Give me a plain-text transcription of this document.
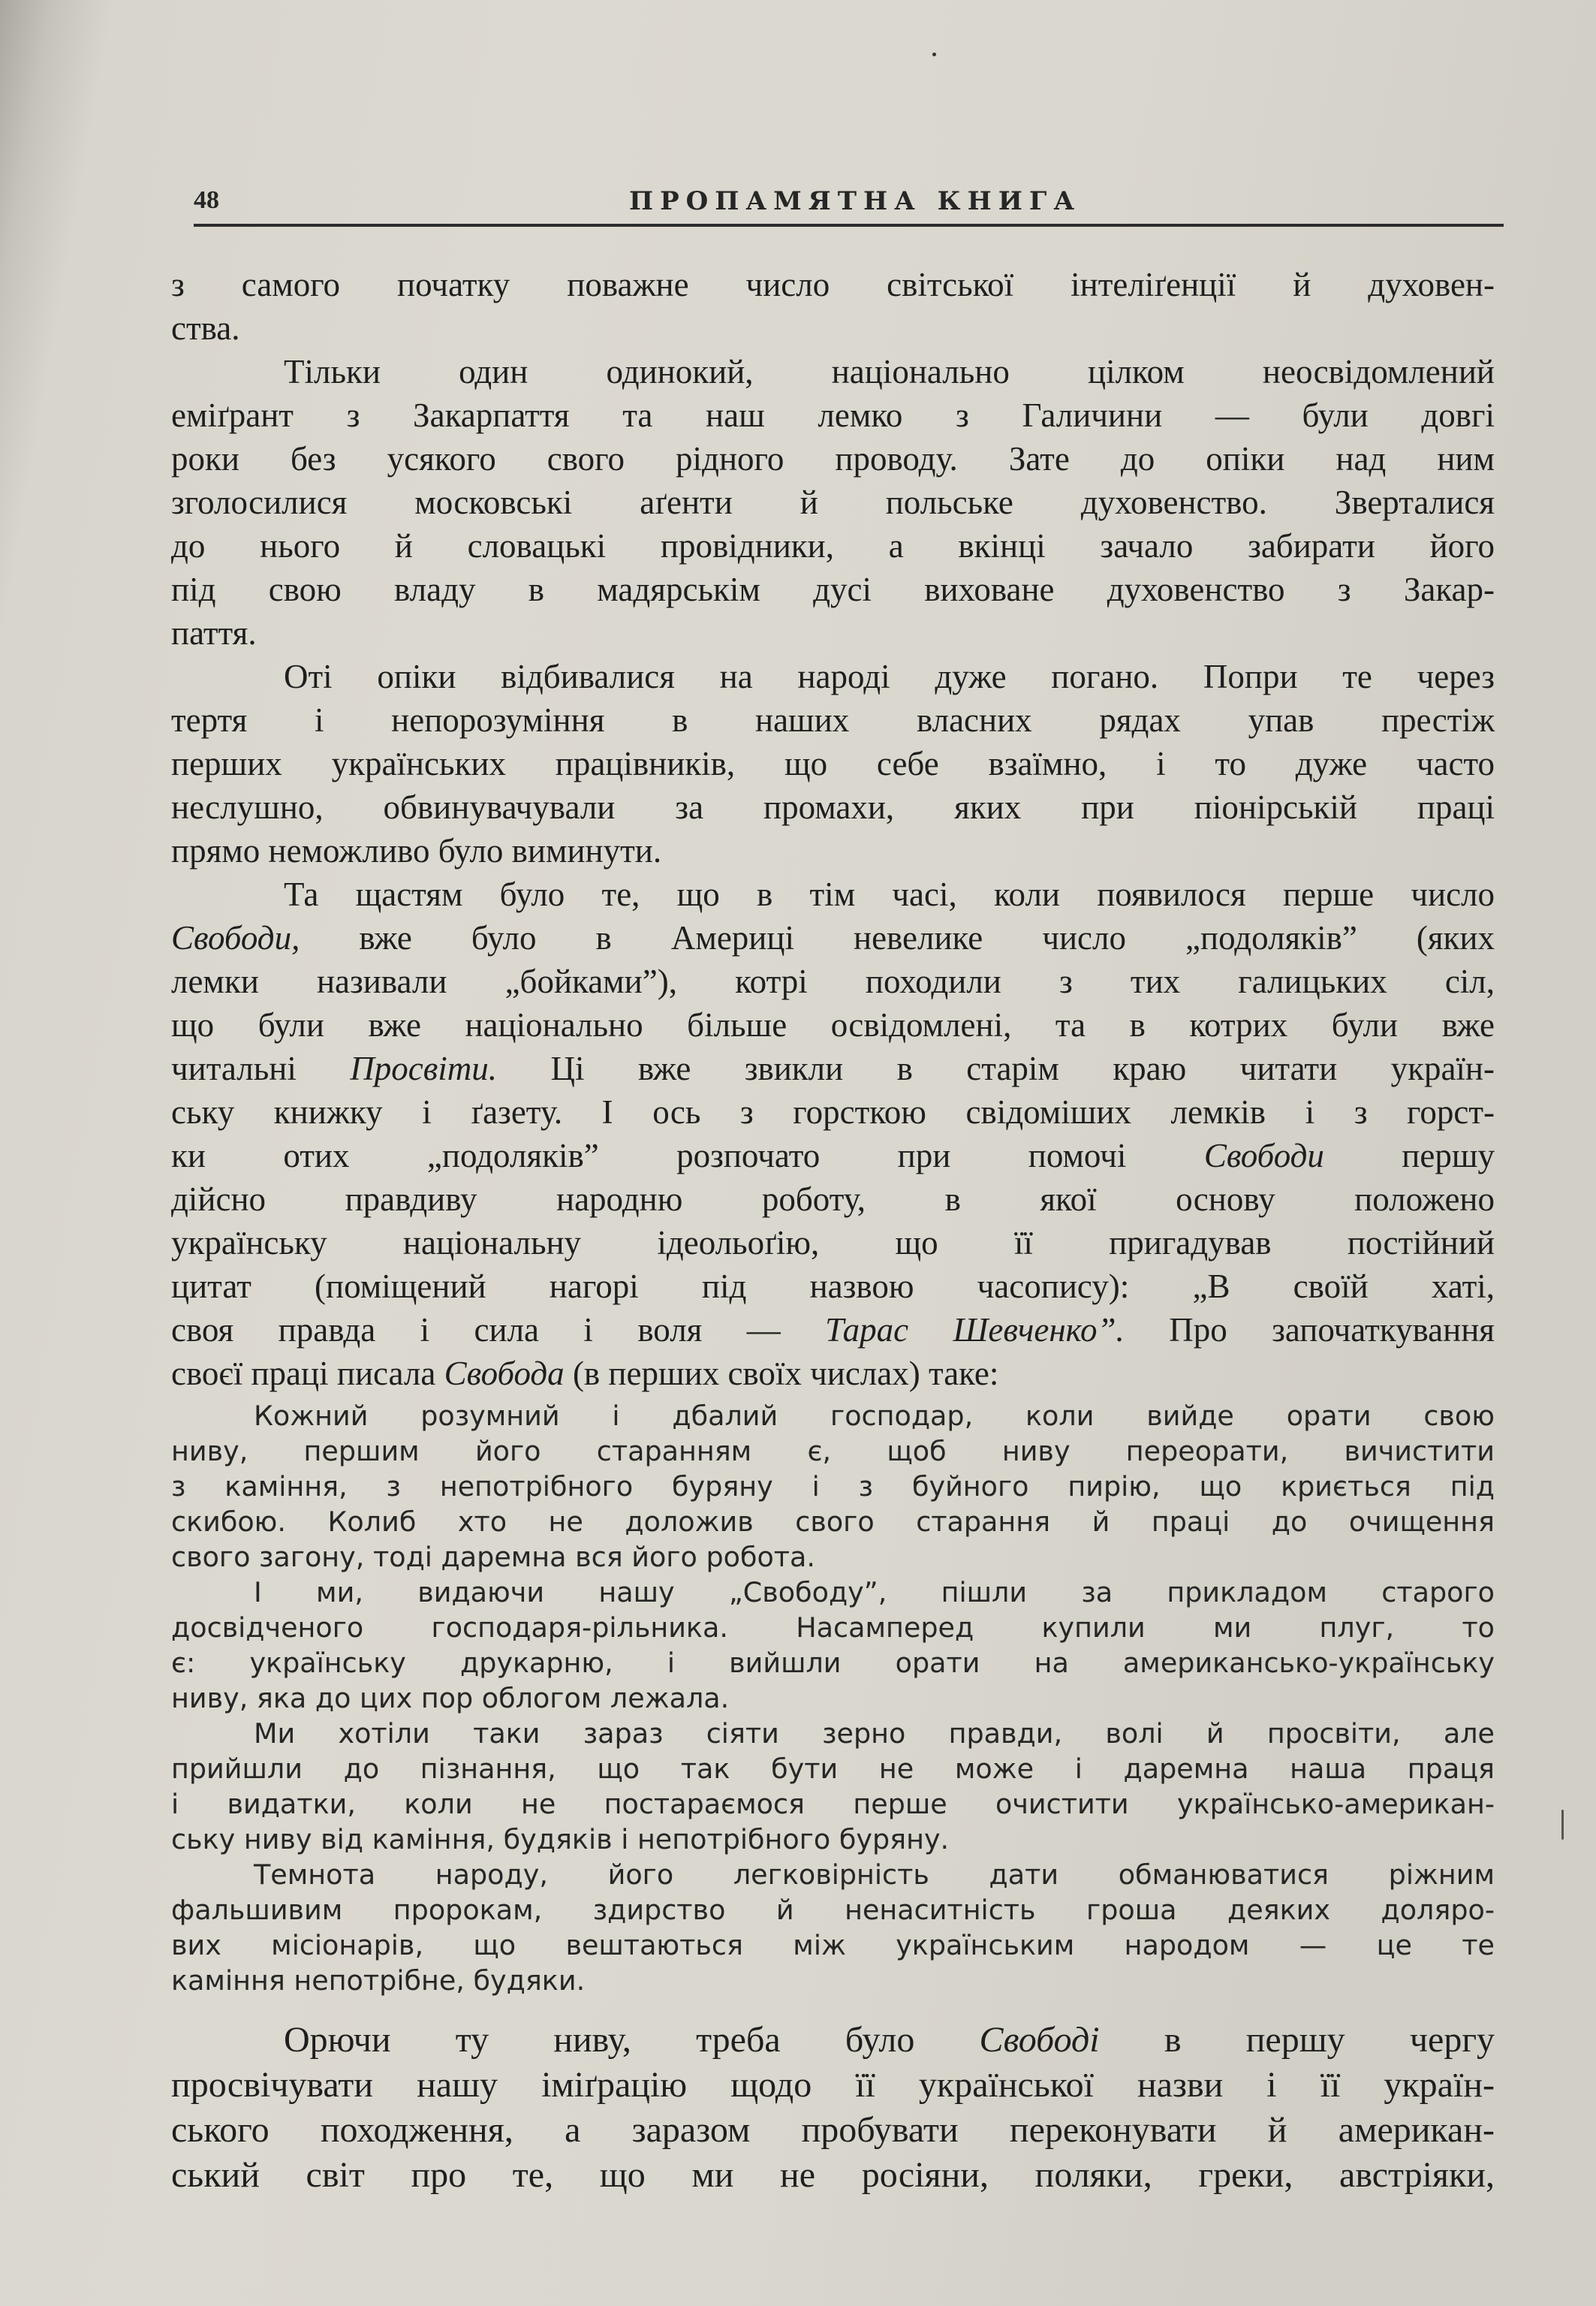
48	ПРОПАМЯТНА КНИГА
з самого початку поважне число світської інтеліґенції й духовен-
ства.
Тільки один одинокий, національно цілком неосвідомлений
еміґрант з Закарпаття та наш лемко з Галичини — були довгі
роки без усякого свого рідного проводу. Зате до опіки над ним
зголосилися московські аґенти й польське духовенство. Зверталися
до нього й словацькі провідники, а вкінці зачало забирати його
під свою владу в мадярськім дусі виховане духовенство з Закар-
паття.
Оті опіки відбивалися на народі дуже погано. Попри те через
тертя і непорозуміння в наших власних рядах упав престіж
перших українських працівників, що себе взаїмно, і то дуже часто
неслушно, обвинувачували за промахи, яких при піонірській праці
прямо неможливо було виминути.
Та щастям було те, що в тім часі, коли появилося перше число
Свободи, вже було в Америці невелике число „подоляків” (яких
лемки називали „бойками”), котрі походили з тих галицьких сіл,
що були вже національно більше освідомлені, та в котрих були вже
читальні Просвіти. Ці вже звикли в старім краю читати україн-
ську книжку і ґазету. І ось з горсткою свідоміших лемків і з горст-
ки отих „подоляків” розпочато при помочі Свободи першу
дійсно правдиву народню роботу, в якої основу положено
українську національну ідеольоґію, що її пригадував постійний
цитат (поміщений нагорі під назвою часопису): „В своїй хаті,
своя правда і сила і воля — Тарас Шевченко”. Про започаткування
своєї праці писала Свобода (в перших своїх числах) таке:
Кожний розумний і дбалий господар, коли вийде орати свою
ниву, першим його старанням є, щоб ниву переорати, вичистити
з каміння, з непотрібного буряну і з буйного пирію, що криється під
скибою. Колиб хто не доложив свого старання й праці до очищення
свого загону, тоді даремна вся його робота.
І ми, видаючи нашу „Свободу”, пішли за прикладом старого
досвідченого господаря-рільника. Насамперед купили ми плуг, то
є: українську друкарню, і вийшли орати на американсько-українську
ниву, яка до цих пор облогом лежала.
Ми хотіли таки зараз сіяти зерно правди, волі й просвіти, але
прийшли до пізнання, що так бути не може і даремна наша праця
і видатки, коли не постараємося перше очистити українсько-американ-
ську ниву від каміння, будяків і непотрібного буряну.
Темнота народу, його легковірність дати обманюватися ріжним
фальшивим пророкам, здирство й ненаситність гроша деяких доляро-
вих місіонарів, що вештаються між українським народом — це те
каміння непотрібне, будяки.
Орючи ту ниву, треба було Свободі в першу чергу
просвічувати нашу іміґрацію щодо її української назви і її україн-
ського походження, а заразом пробувати переконувати й американ-
ський світ про те, що ми не росіяни, поляки, греки, австріяки,
